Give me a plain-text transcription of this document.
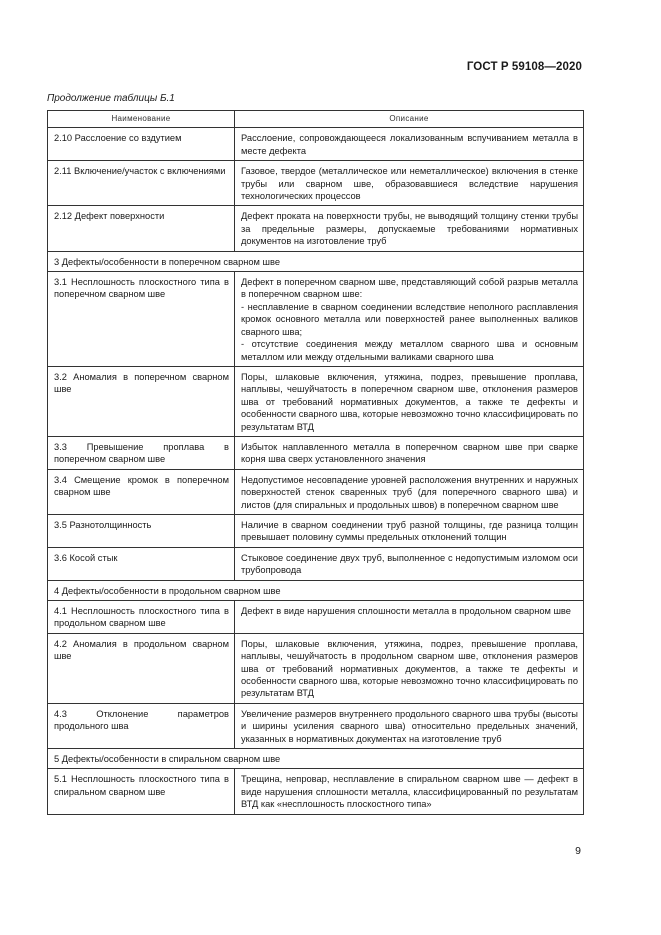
ГОСТ Р 59108—2020
Продолжение таблицы Б.1
Наименование	Описание
2.10 Расслоение со вздутием	Расслоение, сопровождающееся локализованным вспучиванием металла в месте дефекта
2.11 Включение/участок с включениями	Газовое, твердое (металлическое или неметаллическое) включения в стенке трубы или сварном шве, образовавшиеся вследствие нарушения технологических процессов
2.12 Дефект поверхности	Дефект проката на поверхности трубы, не выводящий толщину стенки трубы за предельные размеры, допускаемые требованиями нормативных документов на изготовление труб
3 Дефекты/особенности в поперечном сварном шве	
3.1 Несплошность плоскостного типа в поперечном сварном шве	Дефект в поперечном сварном шве, представляющий собой разрыв металла в поперечном сварном шве:
- несплавление в сварном соединении вследствие неполного расплавления кромок основного металла или поверхностей ранее выполненных валиков сварного шва;
- отсутствие соединения между металлом сварного шва и основным металлом или между отдельными валиками сварного шва
3.2 Аномалия в поперечном сварном шве	Поры, шлаковые включения, утяжина, подрез, превышение проплава, наплывы, чешуйчатость в поперечном сварном шве, отклонения размеров шва от требований нормативных документов, а также те дефекты и особенности сварного шва, которые невозможно точно классифицировать по результатам ВТД
3.3 Превышение проплава в поперечном сварном шве	Избыток наплавленного металла в поперечном сварном шве при сварке корня шва сверх установленного значения
3.4 Смещение кромок в поперечном сварном шве	Недопустимое несовпадение уровней расположения внутренних и наружных поверхностей стенок сваренных труб (для поперечного сварного шва) и листов (для спиральных и продольных швов) в поперечном сварном шве
3.5 Разнотолщинность	Наличие в сварном соединении труб разной толщины, где разница толщин превышает половину суммы предельных отклонений толщин
3.6 Косой стык	Стыковое соединение двух труб, выполненное с недопустимым изломом оси трубопровода
4 Дефекты/особенности в продольном сварном шве	
4.1 Несплошность плоскостного типа в продольном сварном шве	Дефект в виде нарушения сплошности металла в продольном сварном шве
4.2 Аномалия в продольном сварном шве	Поры, шлаковые включения, утяжина, подрез, превышение проплава, наплывы, чешуйчатость в продольном сварном шве, отклонения размеров шва от требований нормативных документов, а также те дефекты и особенности сварного шва, которые невозможно точно классифицировать по результатам ВТД
4.3 Отклонение параметров продольного шва	Увеличение размеров внутреннего продольного сварного шва трубы (высоты и ширины усиления сварного шва) относительно предельных значений, указанных в нормативных документах на изготовление труб
5 Дефекты/особенности в спиральном сварном шве	
5.1 Несплошность плоскостного типа в спиральном сварном шве	Трещина, непровар, несплавление в спиральном сварном шве — дефект в виде нарушения сплошности металла, классифицированный по результатам ВТД как «несплошность плоскостного типа»
9
